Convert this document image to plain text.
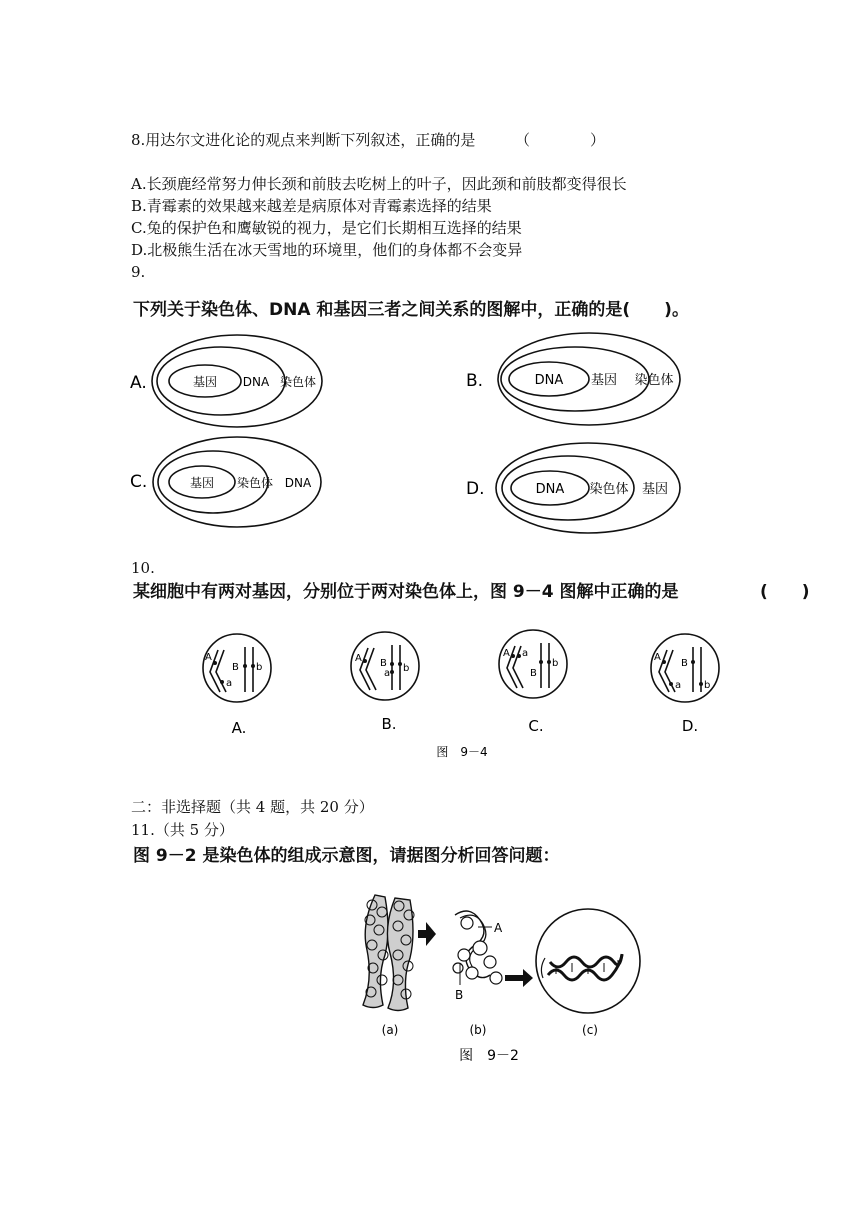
8.用达尔文进化论的观点来判断下列叙述，正确的是	（　　　　）
A.长颈鹿经常努力伸长颈和前肢去吃树上的叶子，因此颈和前肢都变得很长
B.青霉素的效果越来越差是病原体对青霉素选择的结果
C.兔的保护色和鹰敏锐的视力，是它们长期相互选择的结果
D.北极熊生活在冰天雪地的环境里，他们的身体都不会变异
9.
下列关于染色体、DNA 和基因三者之间关系的图解中，正确的是(　　)。
A.	基因 DNA 染色体	B.	DNA 基因 染色体
C.	基因 染色体 DNA	D.	DNA 染色体 基因
10.
某细胞中有两对基因，分别位于两对染色体上，图 9－4 图解中正确的是	(　　)
A
a
B b
A.
A
a
B b
B.
A a
B
b
C.
A
a
B
b
D.
图　9－4
二：非选择题（共 4 题，共 20 分）
11.（共 5 分）
图 9－2 是染色体的组成示意图，请据图分析回答问题：
A
B
(a)	(b)	(c)
图　9－2
